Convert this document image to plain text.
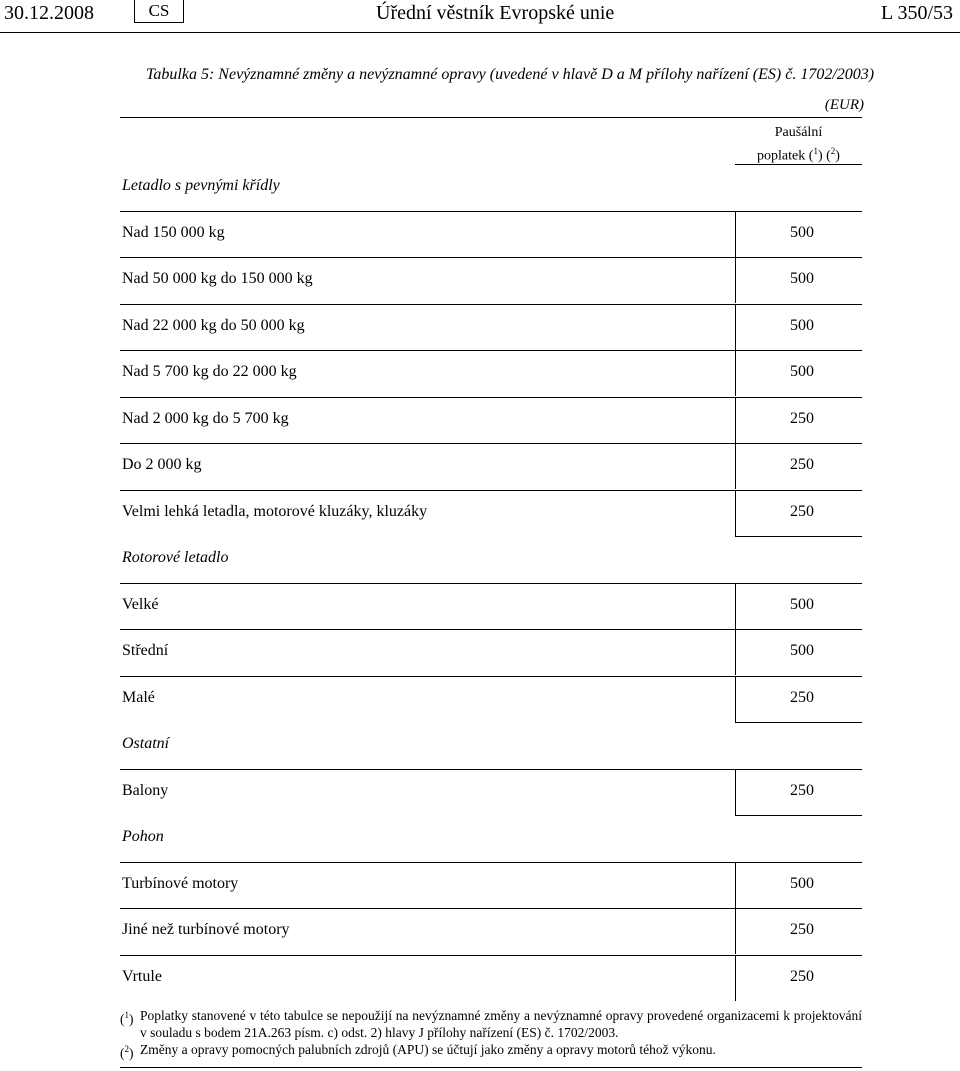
30.12.2008	CS	Úřední věstník Evropské unie	L 350/53
Tabulka 5: Nevýznamné změny a nevýznamné opravy (uvedené v hlavě D a M přílohy nařízení (ES) č. 1702/2003)
(EUR)
Paušální
poplatek ($^1$) ($^2$)
Letadlo s pevnými křídly
Nad 150 000 kg	500
Nad 50 000 kg do 150 000 kg	500
Nad 22 000 kg do 50 000 kg	500
Nad 5 700 kg do 22 000 kg	500
Nad 2 000 kg do 5 700 kg	250
Do 2 000 kg	250
Velmi lehká letadla, motorové kluzáky, kluzáky	250
Rotorové letadlo
Velké	500
Střední	500
Malé	250
Ostatní
Balony	250
Pohon
Turbínové motory	500
Jiné než turbínové motory	250
Vrtule	250
($^1$) Poplatky stanovené v této tabulce se nepoužijí na nevýznamné změny a nevýznamné opravy provedené organizacemi k projektování v souladu s bodem 21A.263 písm. c) odst. 2) hlavy J přílohy nařízení (ES) č. 1702/2003.
($^2$) Změny a opravy pomocných palubních zdrojů (APU) se účtují jako změny a opravy motorů téhož výkonu.
